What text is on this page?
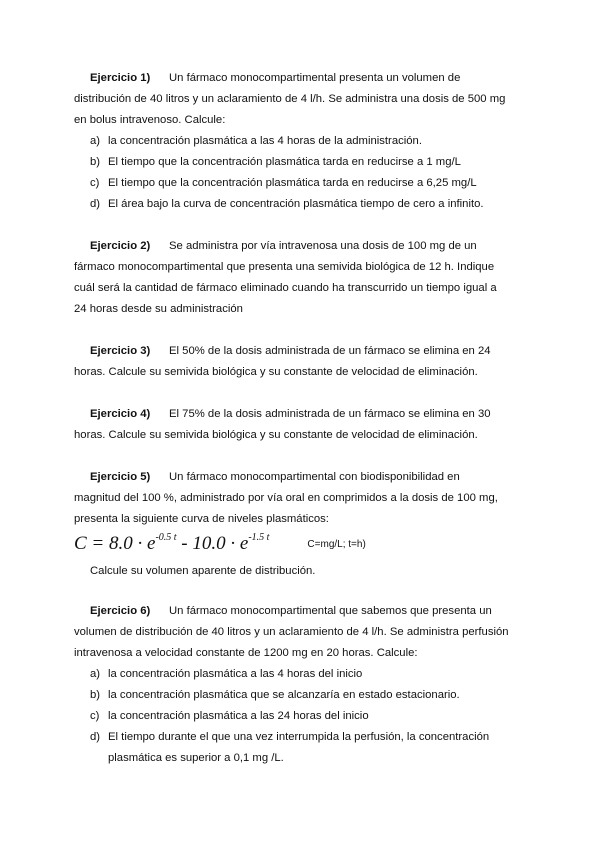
Ejercicio 1) Un fármaco monocompartimental presenta un volumen de
distribución de 40 litros y un aclaramiento de 4 l/h. Se administra una dosis de 500 mg
en bolus intravenoso. Calcule:

a) la concentración plasmática a las 4 horas de la administración.
b) El tiempo que la concentración plasmática tarda en reducirse a 1 mg/L
c) El tiempo que la concentración plasmática tarda en reducirse a 6,25 mg/L
d) El área bajo la curva de concentración plasmática tiempo de cero a infinito.

Ejercicio 2) Se administra por vía intravenosa una dosis de 100 mg de un
fármaco monocompartimental que presenta una semivida biológica de 12 h. Indique
cuál será la cantidad de fármaco eliminado cuando ha transcurrido un tiempo igual a
24 horas desde su administración

Ejercicio 3) El 50% de la dosis administrada de un fármaco se elimina en 24
horas. Calcule su semivida biológica y su constante de velocidad de eliminación.

Ejercicio 4) El 75% de la dosis administrada de un fármaco se elimina en 30
horas. Calcule su semivida biológica y su constante de velocidad de eliminación.

Ejercicio 5) Un fármaco monocompartimental con biodisponibilidad en
magnitud del 100 %, administrado por vía oral en comprimidos a la dosis de 100 mg,
presenta la siguiente curva de niveles plasmáticos:

$C = 8.0 \cdot e^{-0.5 t} - 10.0 \cdot e^{-1.5 t}C=mg/L$; t=h)
Calcule su volumen aparente de distribución.

Ejercicio 6) Un fármaco monocompartimental que sabemos que presenta un
volumen de distribución de 40 litros y un aclaramiento de 4 l/h. Se administra perfusión
intravenosa a velocidad constante de 1200 mg en 20 horas. Calcule:

a) la concentración plasmática a las 4 horas del inicio
b) la concentración plasmática que se alcanzaría en estado estacionario.
c) la concentración plasmática a las 24 horas del inicio
d) El tiempo durante el que una vez interrumpida la perfusión, la concentración plasmática es superior a 0,1 mg /L.
